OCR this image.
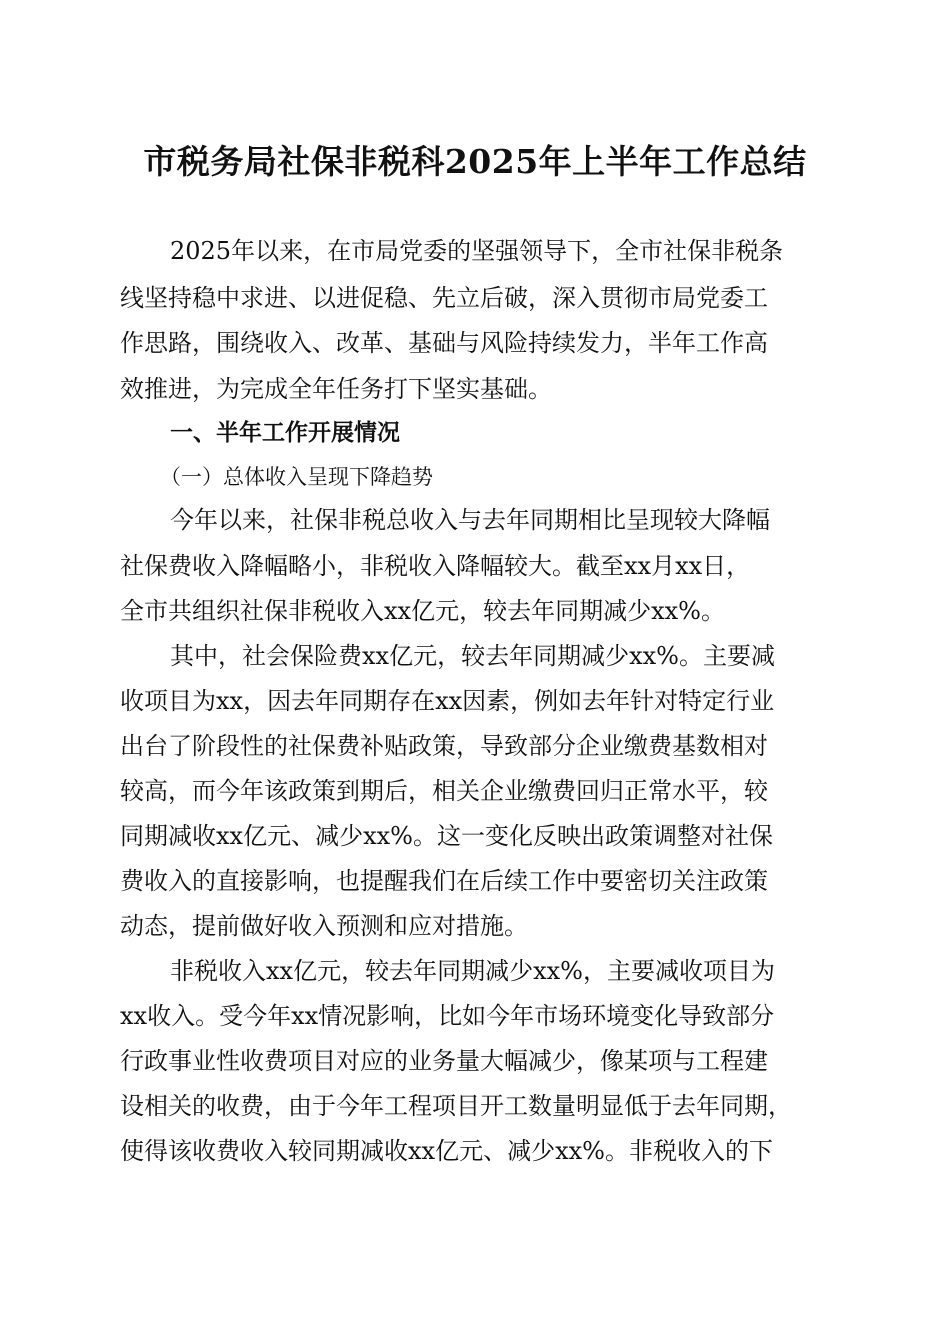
市税务局社保非税科2025年上半年工作总结

2025年以来，在市局党委的坚强领导下，全市社保非税条

线坚持稳中求进、以进促稳、先立后破，深入贯彻市局党委工

作思路，围绕收入、改革、基础与风险持续发力，半年工作高

效推进，为完成全年任务打下坚实基础。

一、半年工作开展情况

（一）总体收入呈现下降趋势

今年以来，社保非税总收入与去年同期相比呈现较大降幅

社保费收入降幅略小，非税收入降幅较大。截至xx月xx日，

全市共组织社保非税收入xx亿元，较去年同期减少xx%。

其中，社会保险费xx亿元，较去年同期减少xx%。主要减

收项目为xx，因去年同期存在xx因素，例如去年针对特定行业

出台了阶段性的社保费补贴政策，导致部分企业缴费基数相对

较高，而今年该政策到期后，相关企业缴费回归正常水平，较

同期减收xx亿元、减少xx%。这一变化反映出政策调整对社保

费收入的直接影响，也提醒我们在后续工作中要密切关注政策

动态，提前做好收入预测和应对措施。

非税收入xx亿元，较去年同期减少xx%，主要减收项目为

xx收入。受今年xx情况影响，比如今年市场环境变化导致部分

行政事业性收费项目对应的业务量大幅减少，像某项与工程建

设相关的收费，由于今年工程项目开工数量明显低于去年同期，

使得该收费收入较同期减收xx亿元、减少xx%。非税收入的下
